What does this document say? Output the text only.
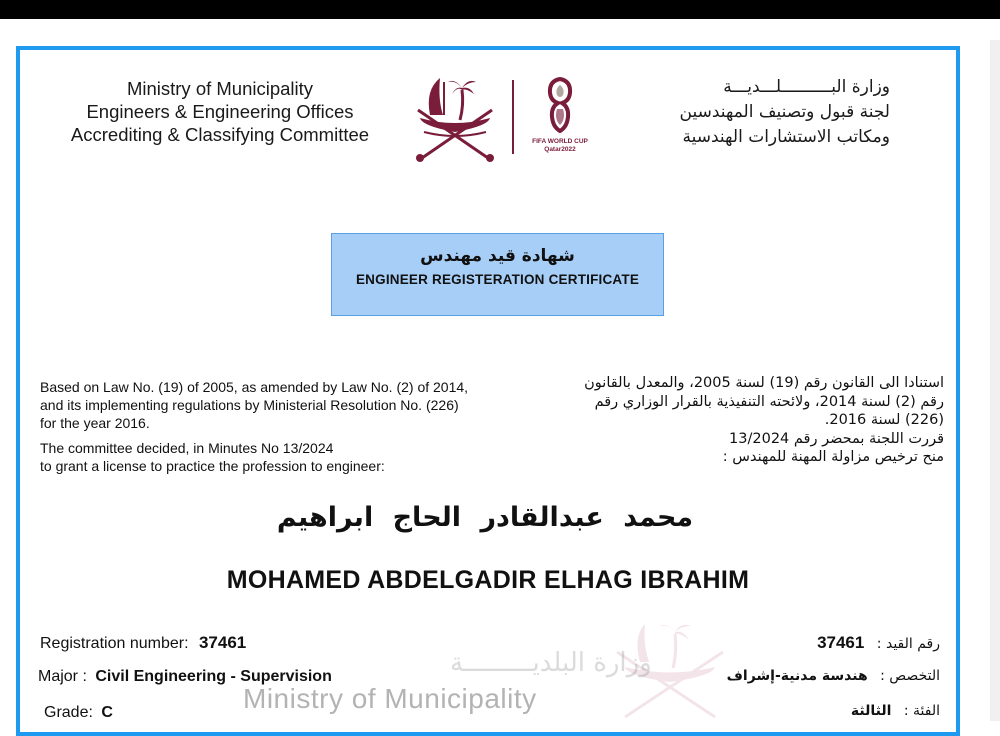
Ministry of Municipality
Engineers & Engineering Offices
Accrediting & Classifying Committee	FIFA WORLD CUP Qatar2022
وزارة البــــــــــلـــديـــة
لجنة قبول وتصنيف المهندسين
ومكاتب الاستشارات الهندسية
شهادة قيد مهندس
ENGINEER REGISTERATION CERTIFICATE

Based on Law No. (19) of 2005, as amended by Law No. (2) of 2014, and its implementing regulations by Ministerial Resolution No. (226) for the year 2016.

The committee decided, in Minutes No 13/2024

to grant a license to practice the profession to engineer:

استنادا الى القانون رقم (19) لسنة 2005، والمعدل بالقانون رقم (2) لسنة 2014، ولائحته التنفيذية بالقرار الوزاري رقم (226) لسنة 2016.

قررت اللجنة بمحضر رقم 13/2024

منح ترخيص مزاولة المهنة للمهندس :

محمد عبدالقادر الحاج ابراهيم
MOHAMED ABDELGADIR ELHAG IBRAHIM
وزارة البلديـــــــــة
Ministry of Municipality
Registration number: 37461
Major : Civil Engineering - Supervision
Grade: C
رقم القيد : 37461
التخصص : هندسة مدنية-إشراف
الفئة : الثالثة
